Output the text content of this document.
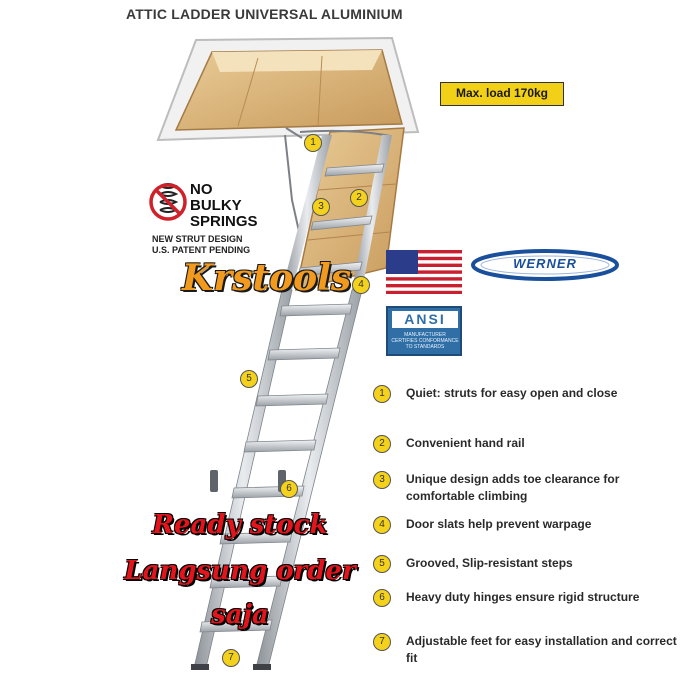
ATTIC LADDER UNIVERSAL ALUMINIUM
Max. load 170kg
NO
BULKY
SPRINGS
NEW STRUT DESIGN
U.S. PATENT PENDING
Krstools	WERNER
ANSI
MANUFACTURER CERTIFIES CONFORMANCE TO STANDARDS
1
2
3
4
5
6
7
1	Quiet: struts for easy open and close
2	Convenient hand rail
3	Unique design adds toe clearance for comfortable climbing
4	Door slats help prevent warpage
5	Grooved, Slip-resistant steps
6	Heavy duty hinges ensure rigid structure
7	Adjustable feet for easy installation and correct fit
Ready stock
Langsung order
saja
